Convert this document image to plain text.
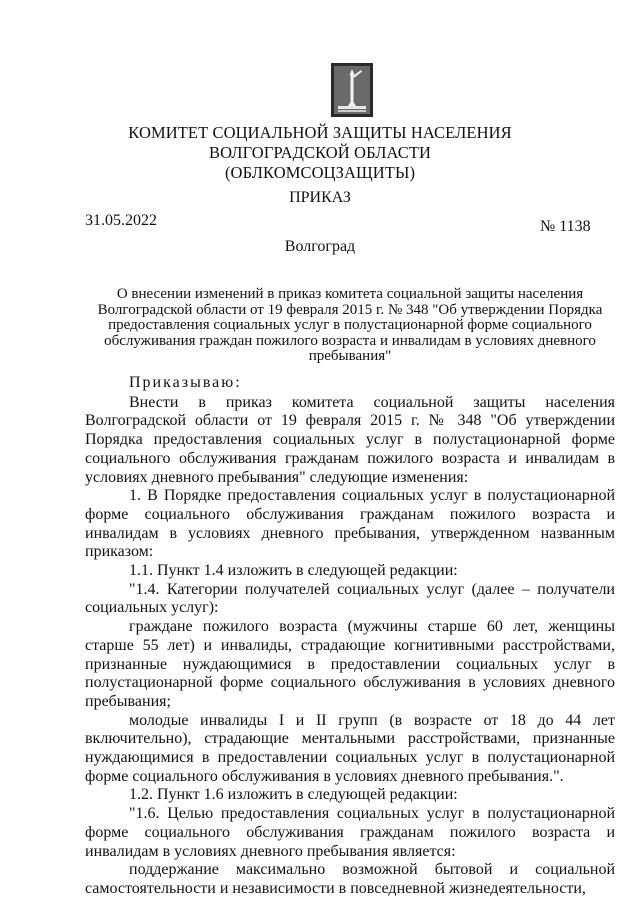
КОМИТЕТ СОЦИАЛЬНОЙ ЗАЩИТЫ НАСЕЛЕНИЯ
ВОЛГОГРАДСКОЙ ОБЛАСТИ
(ОБЛКОМСОЦЗАЩИТЫ)
ПРИКАЗ
31.05.2022	№ 1138
Волгоград
О внесении изменений в приказ комитета социальной защиты населения Волгоградской области от 19 февраля 2015 г. № 348 "Об утверждении Порядка предоставления социальных услуг в полустационарной форме социального обслуживания граждан пожилого возраста и инвалидам в условиях дневного пребывания"

Приказываю:

Внести в приказ комитета социальной защиты населения Волгоградской области от 19 февраля 2015 г. № 348 "Об утверждении Порядка предоставления социальных услуг в полустационарной форме социального обслуживания гражданам пожилого возраста и инвалидам в условиях дневного пребывания" следующие изменения:

1. В Порядке предоставления социальных услуг в полустационарной форме социального обслуживания гражданам пожилого возраста и инвалидам в условиях дневного пребывания, утвержденном названным приказом:

1.1. Пункт 1.4 изложить в следующей редакции:

"1.4. Категории получателей социальных услуг (далее – получатели социальных услуг):

граждане пожилого возраста (мужчины старше 60 лет, женщины старше 55 лет) и инвалиды, страдающие когнитивными расстройствами, признанные нуждающимися в предоставлении социальных услуг в полустационарной форме социального обслуживания в условиях дневного пребывания;

молодые инвалиды I и II групп (в возрасте от 18 до 44 лет включительно), страдающие ментальными расстройствами, признанные нуждающимися в предоставлении социальных услуг в полустационарной форме социального обслуживания в условиях дневного пребывания.".

1.2. Пункт 1.6 изложить в следующей редакции:

"1.6. Целью предоставления социальных услуг в полустационарной форме социального обслуживания гражданам пожилого возраста и инвалидам в условиях дневного пребывания является:

поддержание максимально возможной бытовой и социальной самостоятельности и независимости в повседневной жизнедеятельности,
